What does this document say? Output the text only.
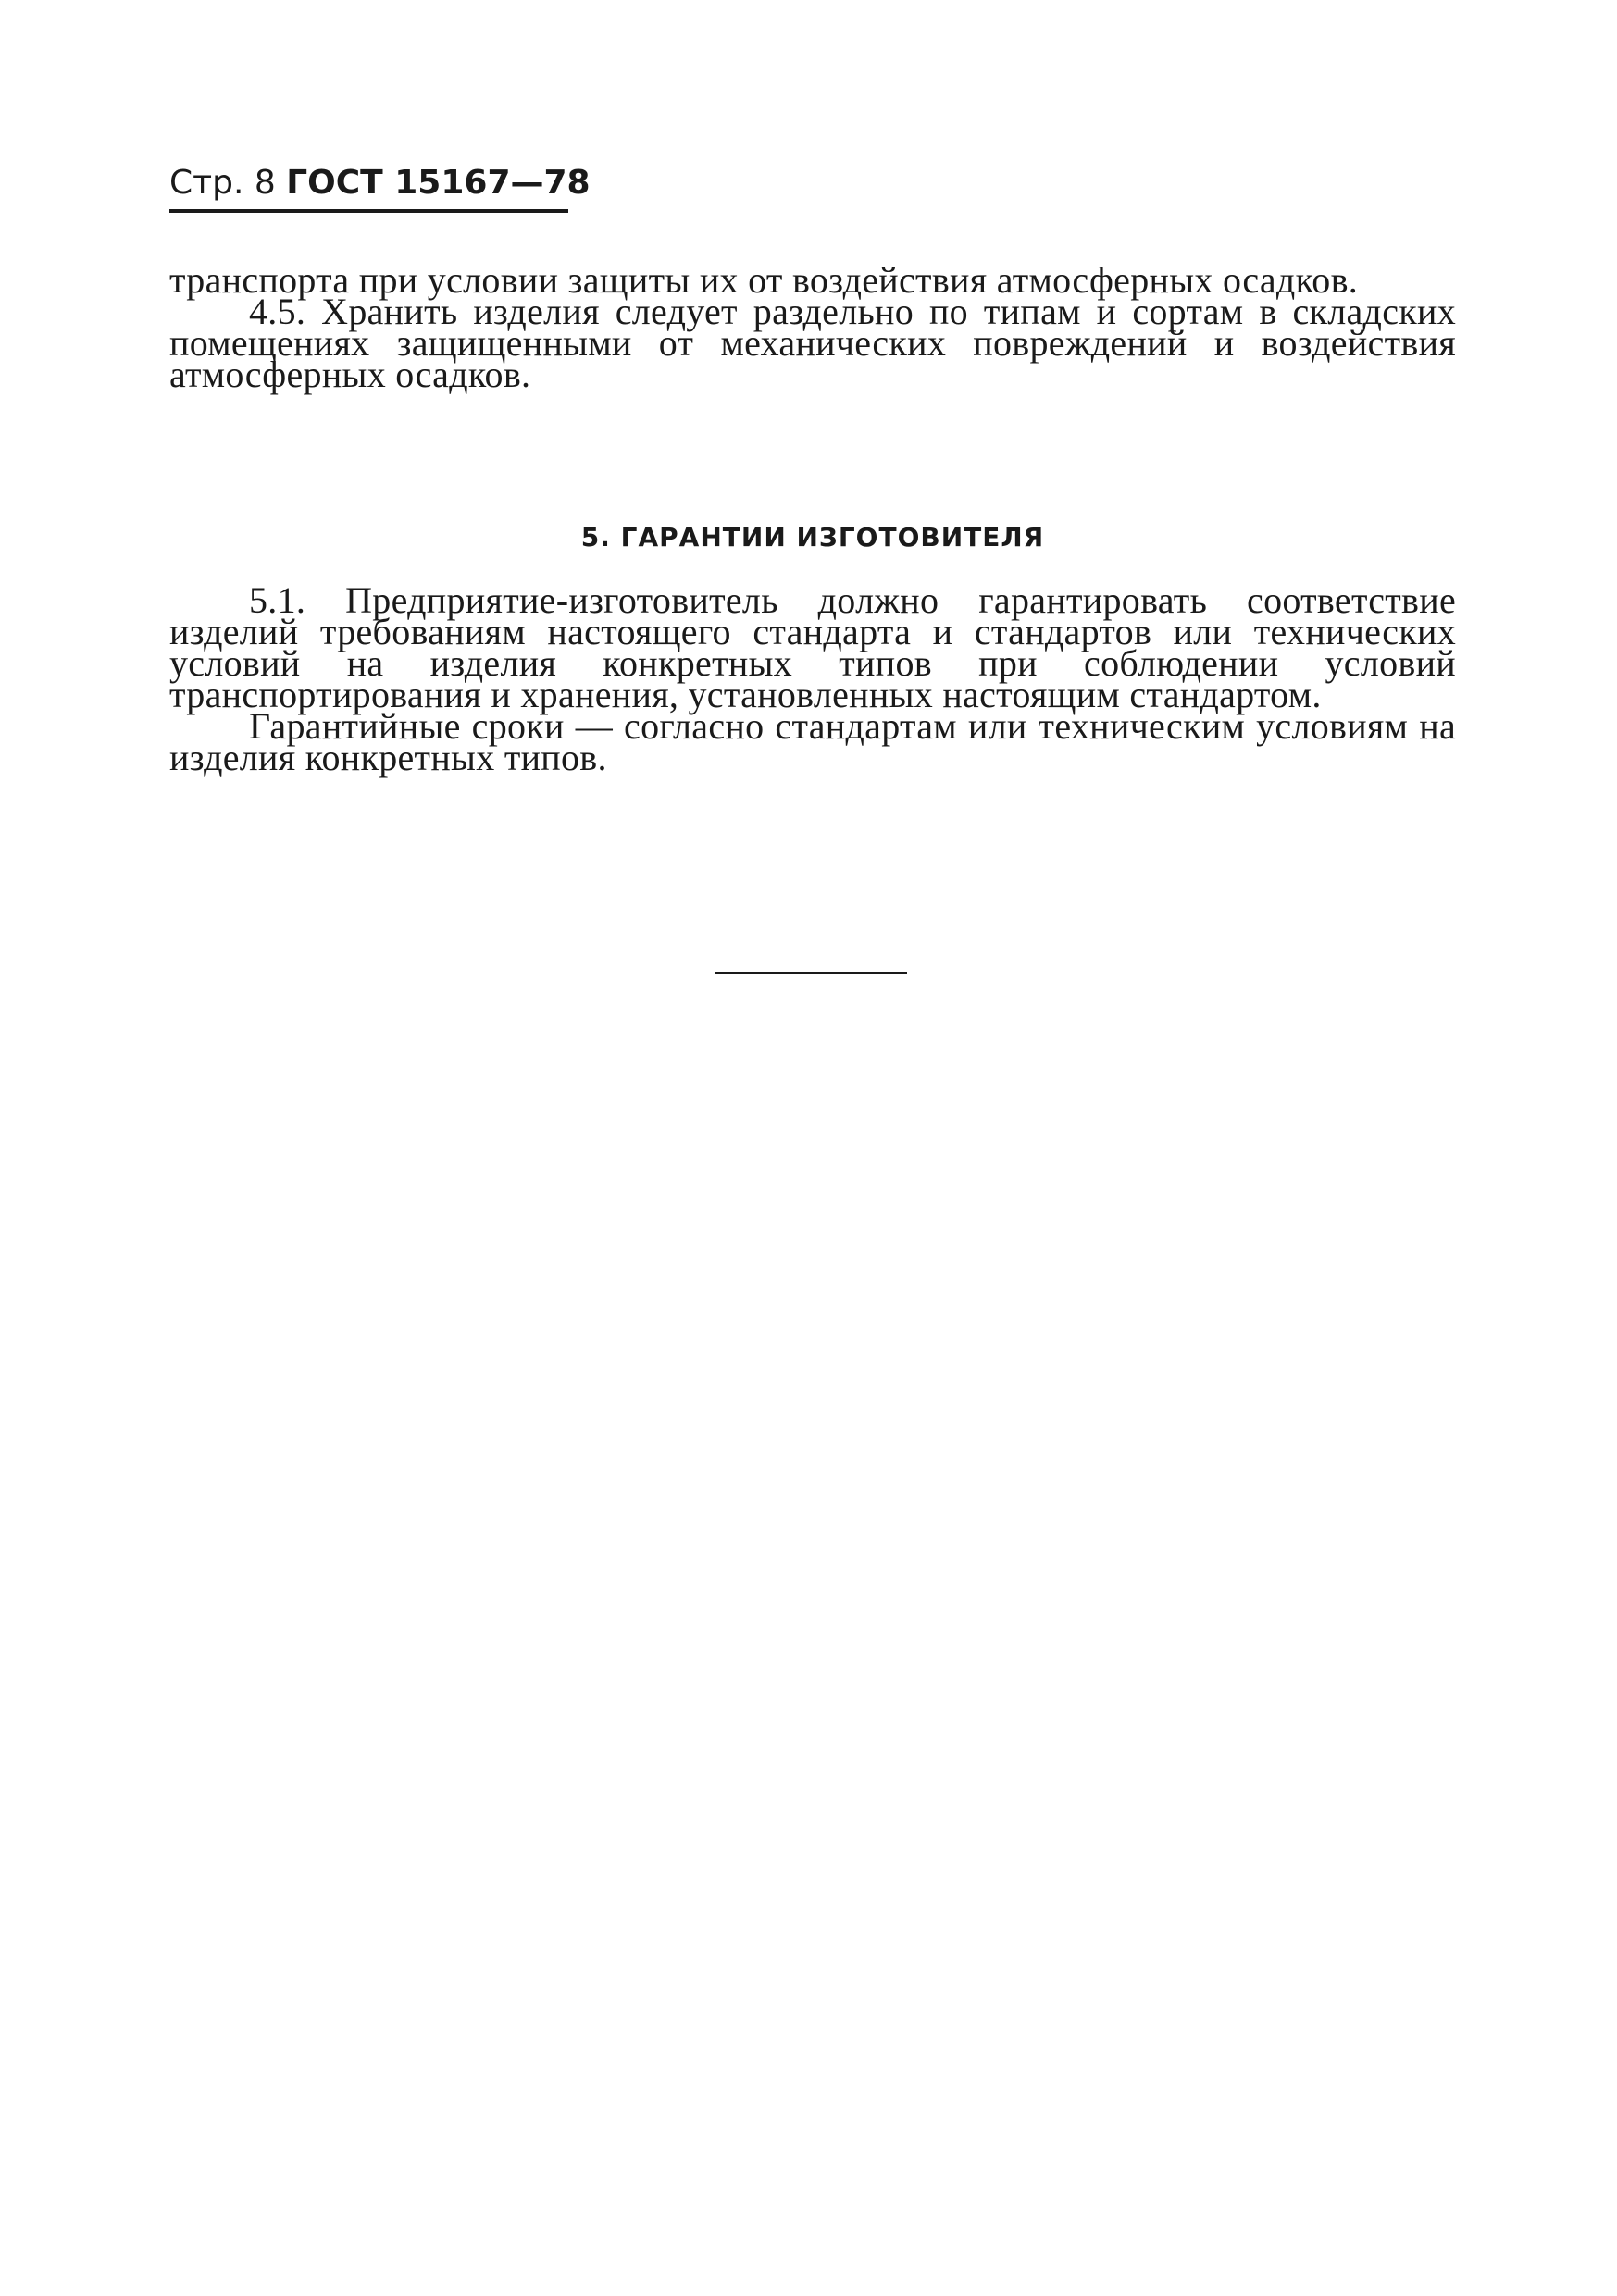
Стр. 8 ГОСТ 15167—78

транспорта при условии защиты их от воздействия атмосферных осадков.

4.5. Хранить изделия следует раздельно по типам и сортам в складских помещениях защищенными от механических повреждений и воздействия атмосферных осадков.

5. ГАРАНТИИ ИЗГОТОВИТЕЛЯ

5.1. Предприятие-изготовитель должно гарантировать соответствие изделий требованиям настоящего стандарта и стандартов или технических условий на изделия конкретных типов при соблюдении условий транспортирования и хранения, установленных настоящим стандартом.

Гарантийные сроки — согласно стандартам или техническим условиям на изделия конкретных типов.
